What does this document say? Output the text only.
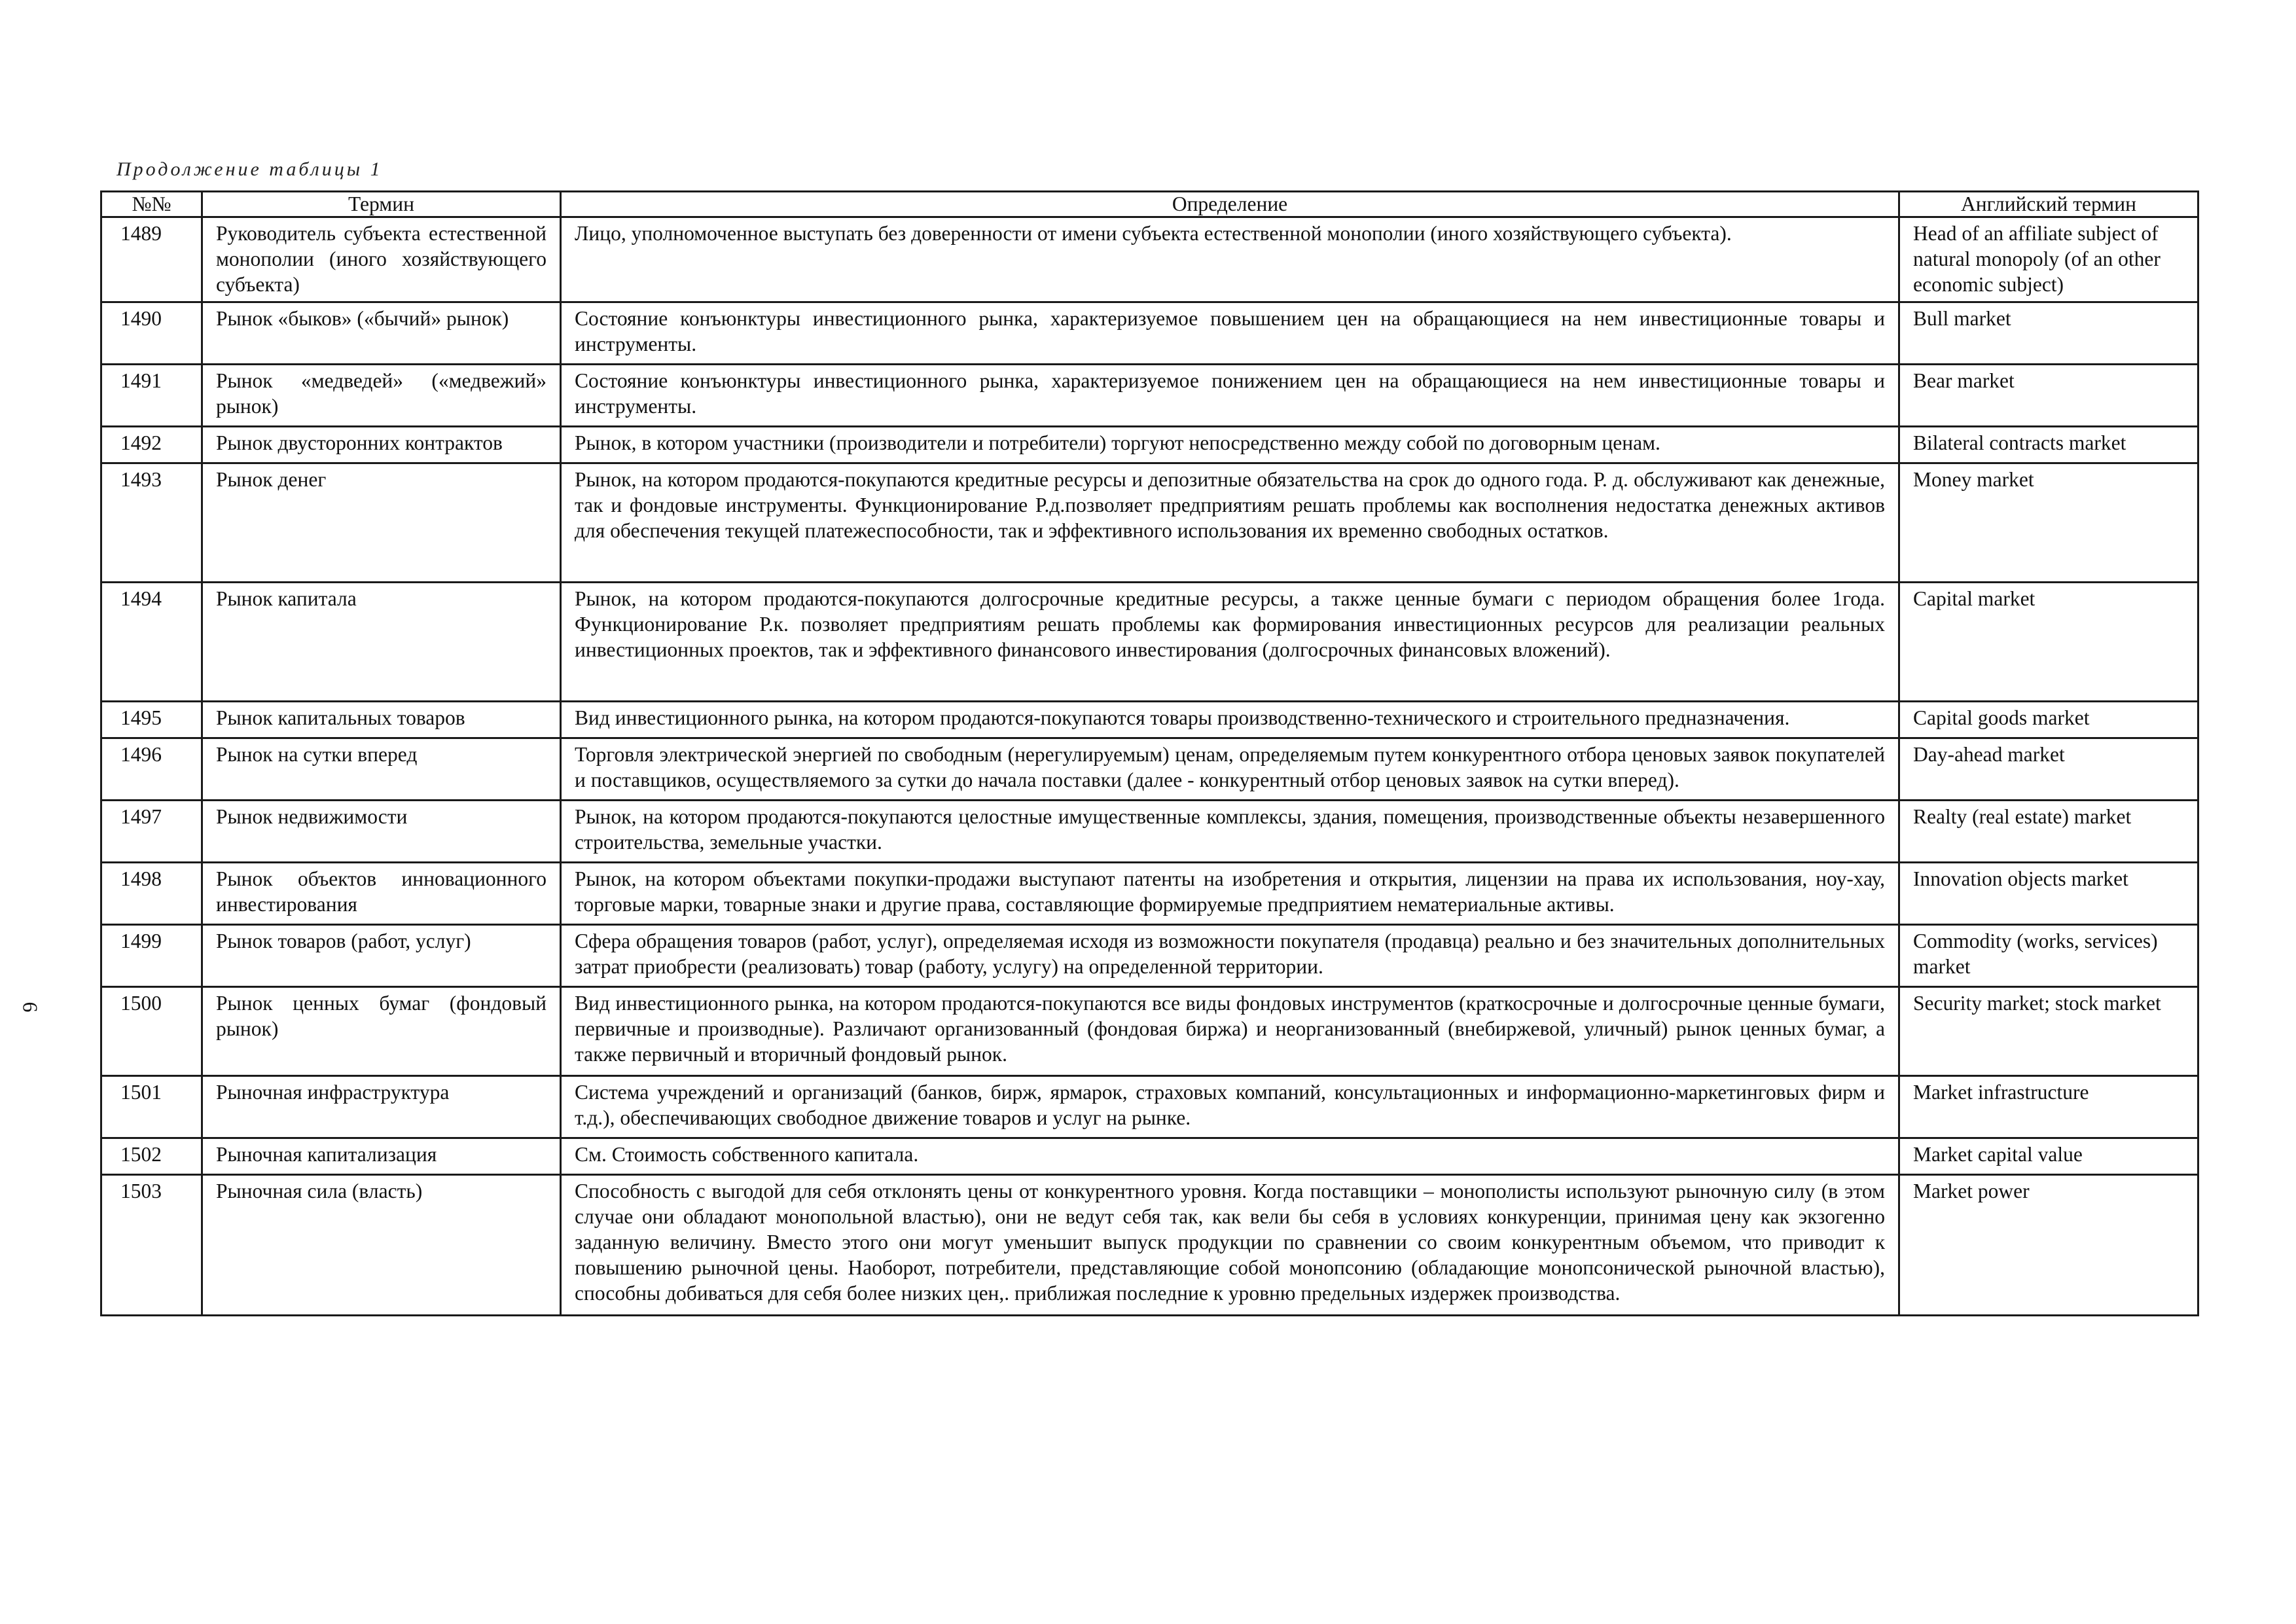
Продолжение таблицы 1
6
№№	Термин	Определение	Английский термин
1489	Руководитель субъекта естественной монополии (иного хозяйствующего субъекта)	Лицо, уполномоченное выступать без доверенности от имени субъекта естественной монополии (иного хозяйствующего субъекта).	Head of an affiliate subject of natural monopoly (of an other economic subject)
1490	Рынок «быков» («бычий» рынок)	Состояние конъюнктуры инвестиционного рынка, характеризуемое повышением цен на обращающиеся на нем инвестиционные товары и инструменты.	Bull market
1491	Рынок «медведей» («медвежий» рынок)	Состояние конъюнктуры инвестиционного рынка, характеризуемое понижением цен на обращающиеся на нем инвестиционные товары и инструменты.	Bear market
1492	Рынок двусторонних контрактов	Рынок, в котором участники (производители и потребители) торгуют непосредственно между собой по договорным ценам.	Bilateral contracts market
1493	Рынок денег	Рынок, на котором продаются-покупаются кредитные ресурсы и депозитные обязательства на срок до одного года. Р. д. обслуживают как денежные, так и фондовые инструменты. Функционирование Р.д.позволяет предприятиям решать проблемы как восполнения недостатка денежных активов для обеспечения текущей платежеспособности, так и эффективного использования их временно свободных остатков.	Money market
1494	Рынок капитала	Рынок, на котором продаются-покупаются долгосрочные кредитные ресурсы, а также ценные бумаги с периодом обращения более 1года. Функционирование Р.к. позволяет предприятиям решать проблемы как формирования инвестиционных ресурсов для реализации реальных инвестиционных проектов, так и эффективного финансового инвестирования (долгосрочных финансовых вложений).	Capital market
1495	Рынок капитальных товаров	Вид инвестиционного рынка, на котором продаются-покупаются товары производственно-технического и строительного предназначения.	Capital goods market
1496	Рынок на сутки вперед	Торговля электрической энергией по свободным (нерегулируемым) ценам, определяемым путем конкурентного отбора ценовых заявок покупателей и поставщиков, осуществляемого за сутки до начала поставки (далее - конкурентный отбор ценовых заявок на сутки вперед).	Day-ahead market
1497	Рынок недвижимости	Рынок, на котором продаются-покупаются целостные имущественные комплексы, здания, помещения, производственные объекты незавершенного строительства, земельные участки.	Realty (real estate) market
1498	Рынок объектов инновационного инвестирования	Рынок, на котором объектами покупки-продажи выступают патенты на изобретения и открытия, лицензии на права их использования, ноу-хау, торговые марки, товарные знаки и другие права, составляющие формируемые предприятием нематериальные активы.	Innovation objects market
1499	Рынок товаров (работ, услуг)	Сфера обращения товаров (работ, услуг), определяемая исходя из возможности покупателя (продавца) реально и без значительных дополнительных затрат приобрести (реализовать) товар (работу, услугу) на определенной территории.	Commodity (works, services) market
1500	Рынок ценных бумаг (фондовый рынок)	Вид инвестиционного рынка, на котором продаются-покупаются все виды фондовых инструментов (краткосрочные и долгосрочные ценные бумаги, первичные и производные). Различают организованный (фондовая биржа) и неорганизованный (внебиржевой, уличный) рынок ценных бумаг, а также первичный и вторичный фондовый рынок.	Security market; stock market
1501	Рыночная инфраструктура	Система учреждений и организаций (банков, бирж, ярмарок, страховых компаний, консультационных и информационно-маркетинговых фирм и т.д.), обеспечивающих свободное движение товаров и услуг на рынке.	Market infrastructure
1502	Рыночная капитализация	См. Стоимость собственного капитала.	Market capital value
1503	Рыночная сила (власть)	Способность с выгодой для себя отклонять цены от конкурентного уровня. Когда поставщики – монополисты используют рыночную силу (в этом случае они обладают монопольной властью), они не ведут себя так, как вели бы себя в условиях конкуренции, принимая цену как экзогенно заданную величину. Вместо этого они могут уменьшит выпуск продукции по сравнении со своим конкурентным объемом, что приводит к повышению рыночной цены. Наоборот, потребители, представляющие собой монопсонию (обладающие монопсонической рыночной властью), способны добиваться для себя более низких цен,. приближая последние к уровню предельных издержек производства.	Market power
